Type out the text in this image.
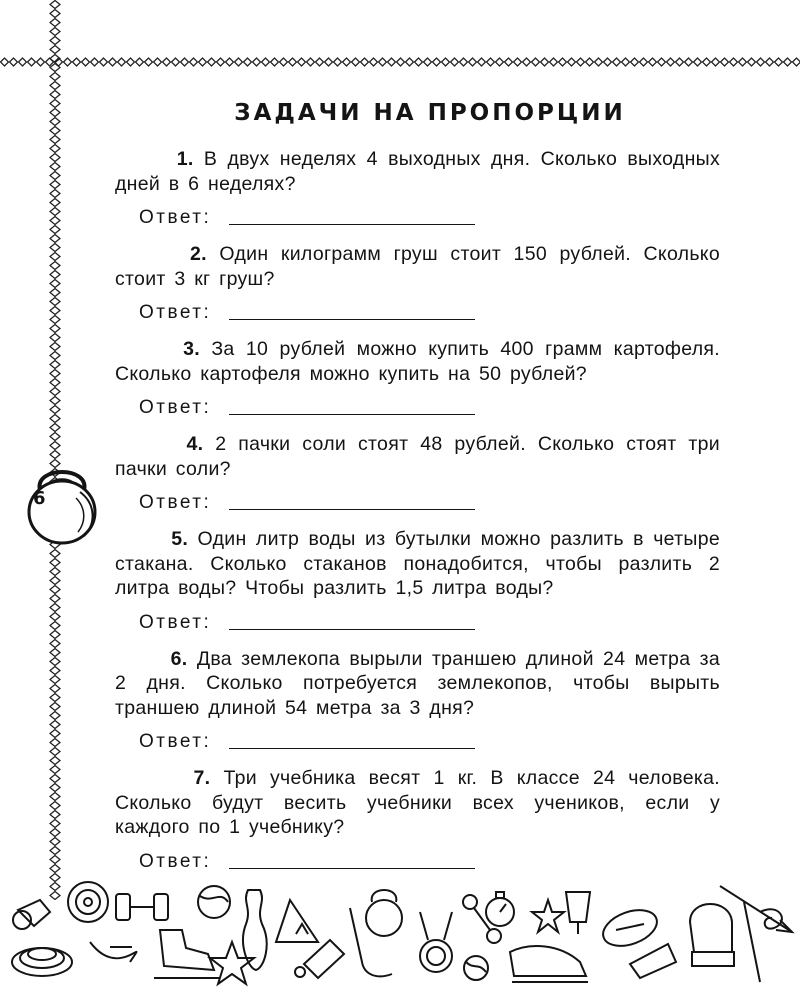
6
ЗАДАЧИ НА ПРОПОРЦИИ
1. В двух неделях 4 выходных дня. Сколько выходных дней в 6 неделях?
Ответ:
2. Один килограмм груш стоит 150 рублей. Сколько стоит 3 кг груш?
Ответ:
3. За 10 рублей можно купить 400 грамм картофеля. Сколько картофеля можно купить на 50 рублей?
Ответ:
4. 2 пачки соли стоят 48 рублей. Сколько стоят три пачки соли?
Ответ:
5. Один литр воды из бутылки можно разлить в четыре стакана. Сколько стаканов понадобится, чтобы разлить 2 литра воды? Чтобы разлить 1,5 литра воды?
Ответ:
6. Два землекопа вырыли траншею длиной 24 метра за 2 дня. Сколько потребуется землекопов, чтобы вырыть траншею длиной 54 метра за 3 дня?
Ответ:
7. Три учебника весят 1 кг. В классе 24 человека. Сколько будут весить учебники всех учеников, если у каждого по 1 учебнику?
Ответ:
